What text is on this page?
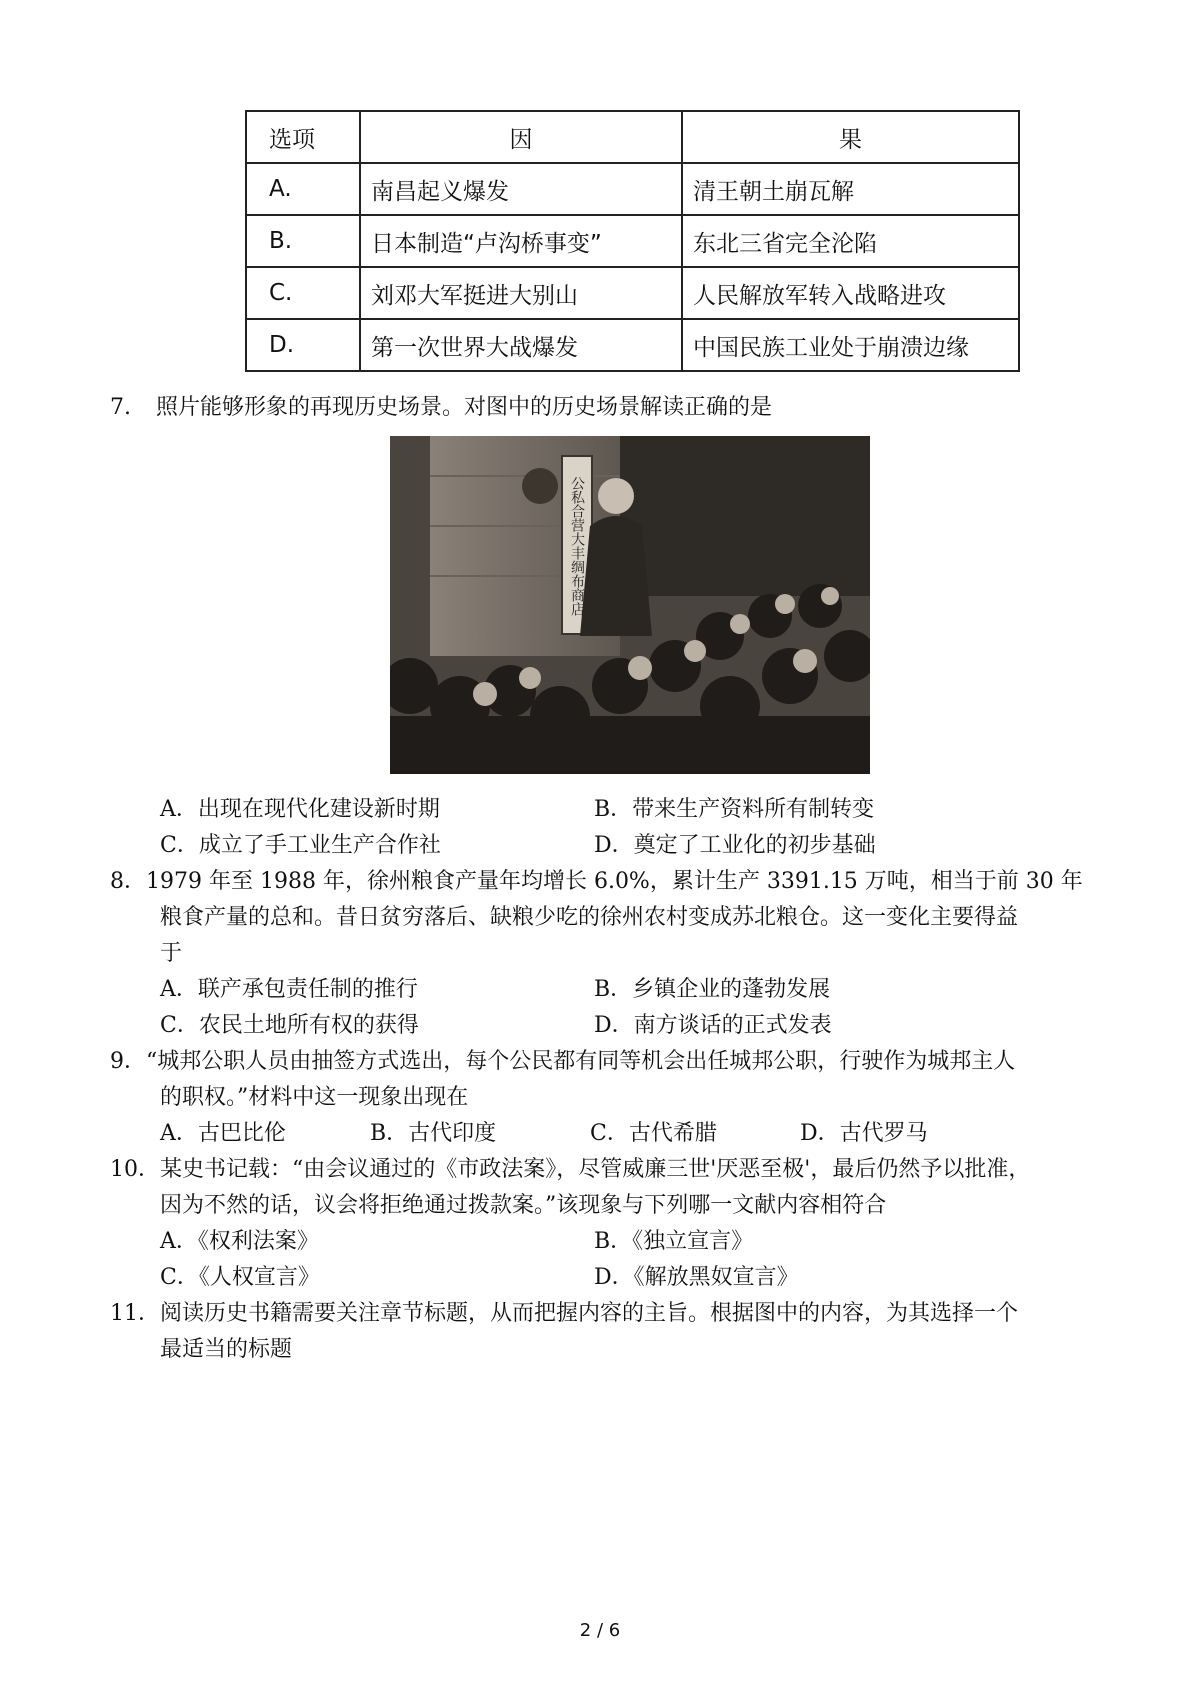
选项	因	果
A.	南昌起义爆发	清王朝土崩瓦解
B.	日本制造“卢沟桥事变”	东北三省完全沦陷
C.	刘邓大军挺进大别山	人民解放军转入战略进攻
D.	第一次世界大战爆发	中国民族工业处于崩溃边缘
7. 照片能够形象的再现历史场景。对图中的历史场景解读正确的是
公私合营大丰绸布商店
A．出现在现代化建设新时期	B．带来生产资料所有制转变
C．成立了手工业生产合作社	D．奠定了工业化的初步基础
8．1979 年至 1988 年，徐州粮食产量年均增长 6.0%，累计生产 3391.15 万吨，相当于前 30 年
粮食产量的总和。昔日贫穷落后、缺粮少吃的徐州农村变成苏北粮仓。这一变化主要得益
于
A．联产承包责任制的推行	B．乡镇企业的蓬勃发展
C．农民土地所有权的获得	D．南方谈话的正式发表
9．“城邦公职人员由抽签方式选出，每个公民都有同等机会出任城邦公职，行驶作为城邦主人
的职权。”材料中这一现象出现在
A．古巴比伦	B．古代印度	C．古代希腊	D．古代罗马
10．某史书记载：“由会议通过的《市政法案》，尽管威廉三世'厌恶至极'，最后仍然予以批准，
因为不然的话，议会将拒绝通过拨款案。”该现象与下列哪一文献内容相符合
A．《权利法案》	B．《独立宣言》
C．《人权宣言》	D．《解放黑奴宣言》
11．阅读历史书籍需要关注章节标题，从而把握内容的主旨。根据图中的内容，为其选择一个
最适当的标题
2 / 6
